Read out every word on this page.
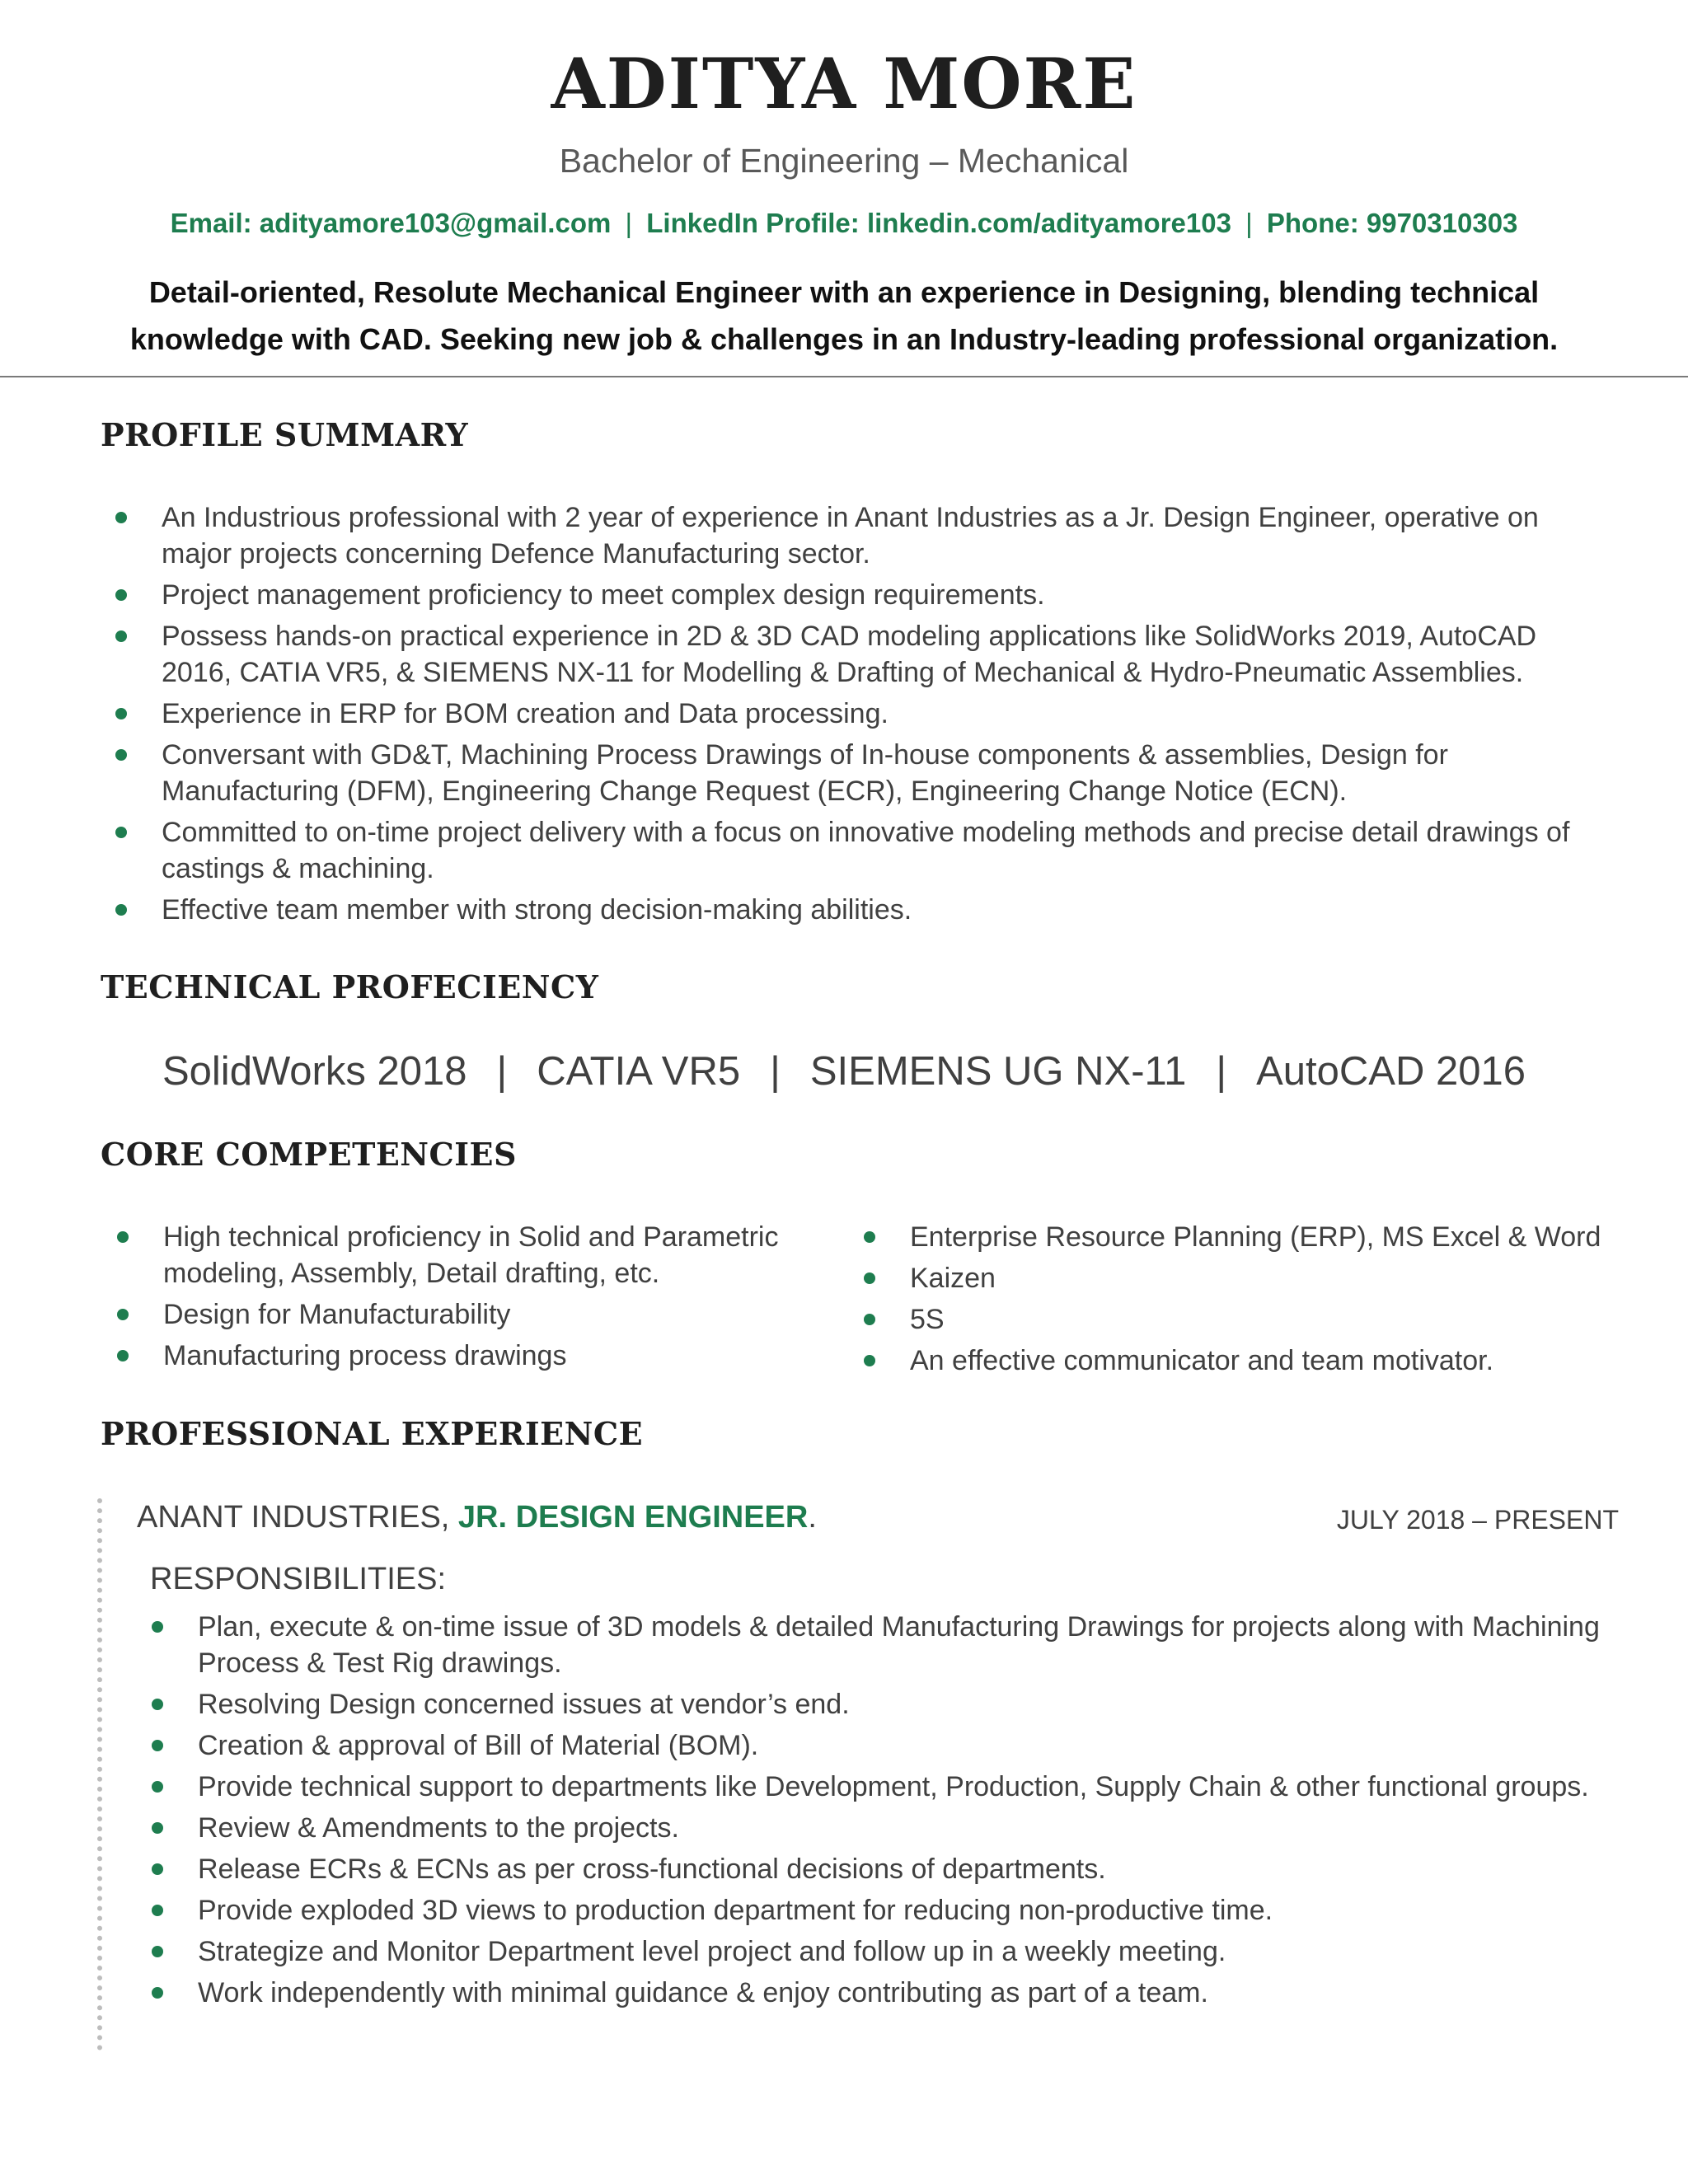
ADITYA MORE
Bachelor of Engineering – Mechanical
Email: adityamore103@gmail.com | LinkedIn Profile: linkedin.com/adityamore103 | Phone: 9970310303
Detail-oriented, Resolute Mechanical Engineer with an experience in Designing, blending technical knowledge with CAD. Seeking new job & challenges in an Industry-leading professional organization.
PROFILE SUMMARY
An Industrious professional with 2 year of experience in Anant Industries as a Jr. Design Engineer, operative on major projects concerning Defence Manufacturing sector.
Project management proficiency to meet complex design requirements.
Possess hands-on practical experience in 2D & 3D CAD modeling applications like SolidWorks 2019, AutoCAD 2016, CATIA VR5, & SIEMENS NX-11 for Modelling & Drafting of Mechanical & Hydro-Pneumatic Assemblies.
Experience in ERP for BOM creation and Data processing.
Conversant with GD&T, Machining Process Drawings of In-house components & assemblies, Design for Manufacturing (DFM), Engineering Change Request (ECR), Engineering Change Notice (ECN).
Committed to on-time project delivery with a focus on innovative modeling methods and precise detail drawings of castings & machining.
Effective team member with strong decision-making abilities.
TECHNICAL PROFECIENCY
SolidWorks 2018 | CATIA VR5 | SIEMENS UG NX-11 | AutoCAD 2016
CORE COMPETENCIES
High technical proficiency in Solid and Parametric modeling, Assembly, Detail drafting, etc.
Design for Manufacturability
Manufacturing process drawings
Enterprise Resource Planning (ERP), MS Excel & Word
Kaizen
5S
An effective communicator and team motivator.
PROFESSIONAL EXPERIENCE
ANANT INDUSTRIES, JR. DESIGN ENGINEER.	JULY 2018 – PRESENT
RESPONSIBILITIES:
Plan, execute & on-time issue of 3D models & detailed Manufacturing Drawings for projects along with Machining Process & Test Rig drawings.
Resolving Design concerned issues at vendor’s end.
Creation & approval of Bill of Material (BOM).
Provide technical support to departments like Development, Production, Supply Chain & other functional groups.
Review & Amendments to the projects.
Release ECRs & ECNs as per cross-functional decisions of departments.
Provide exploded 3D views to production department for reducing non-productive time.
Strategize and Monitor Department level project and follow up in a weekly meeting.
Work independently with minimal guidance & enjoy contributing as part of a team.
